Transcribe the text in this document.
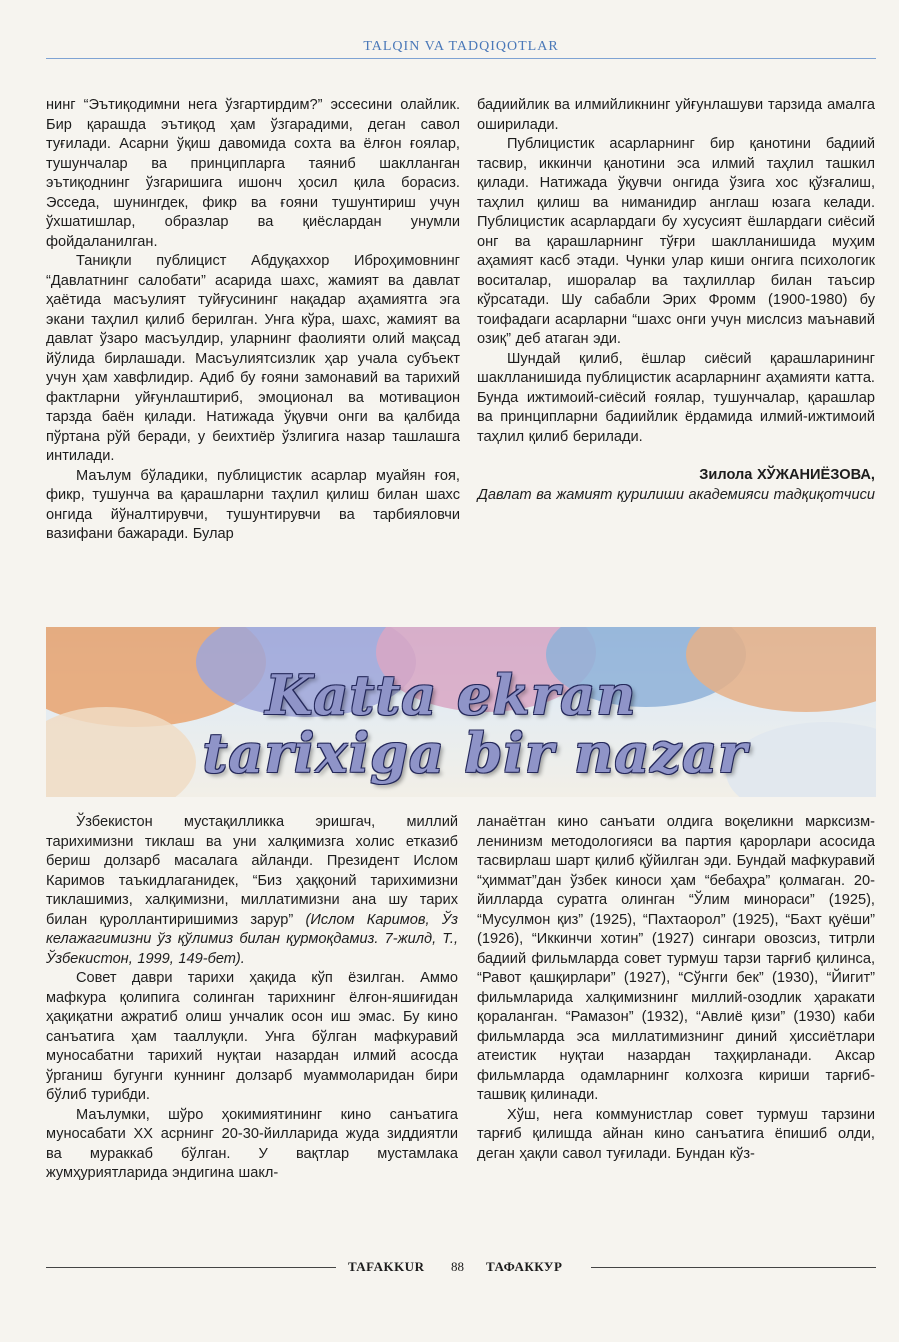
TALQIN VA TADQIQOTLAR

нинг “Эътиқодимни нега ўзгартирдим?” эссесини олайлик. Бир қарашда эътиқод ҳам ўзгарадими, деган савол туғилади. Асарни ўқиш давомида сохта ва ёлғон ғоялар, тушунчалар ва принципларга таяниб шаклланган эътиқоднинг ўзгаришига ишонч ҳосил қила борасиз. Эсседа, шунингдек, фикр ва ғояни тушунтириш учун ўхшатишлар, образлар ва қиёслардан унумли фойдаланилган.

Таниқли публицист Абдуқаххор Иброҳимовнинг “Давлатнинг салобати” асарида шахс, жамият ва давлат ҳаётида масъулият туйғусининг нақадар аҳамиятга эга экани таҳлил қилиб берилган. Унга кўра, шахс, жамият ва давлат ўзаро масъулдир, уларнинг фаолияти олий мақсад йўлида бирлашади. Масъулиятсизлик ҳар учала субъект учун ҳам хавфлидир. Адиб бу ғояни замонавий ва тарихий фактларни уйғунлаштириб, эмоционал ва мотивацион тарзда баён қилади. Натижада ўқувчи онги ва қалбида пўртана рўй беради, у беихтиёр ўзлигига назар ташлашга интилади.

Маълум бўладики, публицистик асарлар муайян ғоя, фикр, тушунча ва қарашларни таҳлил қилиш билан шахс онгида йўналтирувчи, тушунтирувчи ва тарбияловчи вазифани бажаради. Булар

бадиийлик ва илмийликнинг уйғунлашуви тарзида амалга оширилади.

Публицистик асарларнинг бир қанотини бадиий тасвир, иккинчи қанотини эса илмий таҳлил ташкил қилади. Натижада ўқувчи онгида ўзига хос қўзғалиш, таҳлил қилиш ва ниманидир англаш юзага келади. Публицистик асарлардаги бу хусусият ёшлардаги сиёсий онг ва қарашларнинг тўғри шаклланишида муҳим аҳамият касб этади. Чунки улар киши онгига психологик воситалар, ишоралар ва таҳлиллар билан таъсир кўрсатади. Шу сабабли Эрих Фромм (1900-1980) бу тоифадаги асарларни “шахс онги учун мислсиз маънавий озиқ” деб атаган эди.

Шундай қилиб, ёшлар сиёсий қарашларининг шаклланишида публицистик асарларнинг аҳамияти катта. Бунда ижтимоий-сиёсий ғоялар, тушунчалар, қарашлар ва принципларни бадиийлик ёрдамида илмий-ижтимоий таҳлил қилиб берилади.

Зилола ХЎЖАНИЁЗОВА,
Давлат ва жамият қурилиши академияси тадқиқотчиси
Katta ekran
tarixiga bir nazar

Ўзбекистон мустақилликка эришгач, миллий тарихимизни тиклаш ва уни халқимизга холис етказиб бериш долзарб масалага айланди. Президент Ислом Каримов таъкидлаганидек, “Биз ҳаққоний тарихимизни тиклашимиз, халқимизни, миллатимизни ана шу тарих билан қуроллантиришимиз зарур” (Ислом Каримов, Ўз келажагимизни ўз қўлимиз билан қурмоқдамиз. 7-жилд, Т., Ўзбекистон, 1999, 149-бет).

Совет даври тарихи ҳақида кўп ёзилган. Аммо мафкура қолипига солинган тарихнинг ёлғон-яшиғидан ҳақиқатни ажратиб олиш унчалик осон иш эмас. Бу кино санъатига ҳам тааллуқли. Унга бўлган мафкуравий муносабатни тарихий нуқтаи назардан илмий асосда ўрганиш бугунги куннинг долзарб муаммоларидан бири бўлиб турибди.

Маълумки, шўро ҳокимиятининг кино санъатига муносабати XX асрнинг 20-30-йилларида жуда зиддиятли ва мураккаб бўлган. У вақтлар мустамлака жумҳуриятларида эндигина шакл-

ланаётган кино санъати олдига воқеликни марксизм-ленинизм методологияси ва партия қарорлари асосида тасвирлаш шарт қилиб қўйилган эди. Бундай мафкуравий “ҳиммат”дан ўзбек киноси ҳам “бебаҳра” қолмаган. 20-йилларда суратга олинган “Ўлим минораси” (1925), “Мусулмон қиз” (1925), “Пахтаорол” (1925), “Бахт қуёши” (1926), “Иккинчи хотин” (1927) сингари овозсиз, титрли бадиий фильмларда совет турмуш тарзи тарғиб қилинса, “Равот қашқирлари” (1927), “Сўнгги бек” (1930), “Йигит” фильмларида халқимизнинг миллий-озодлик ҳаракати қораланган. “Рамазон” (1932), “Авлиё қизи” (1930) каби фильмларда эса миллатимизнинг диний ҳиссиётлари атеистик нуқтаи назардан таҳқирланади. Аксар фильмларда одамларнинг колхозга кириши тарғиб-ташвиқ қилинади.

Хўш, нега коммунистлар совет турмуш тарзини тарғиб қилишда айнан кино санъатига ёпишиб олди, деган ҳақли савол туғилади. Бундан кўз-

TAFAKKUR 88 ТАФАККУР
